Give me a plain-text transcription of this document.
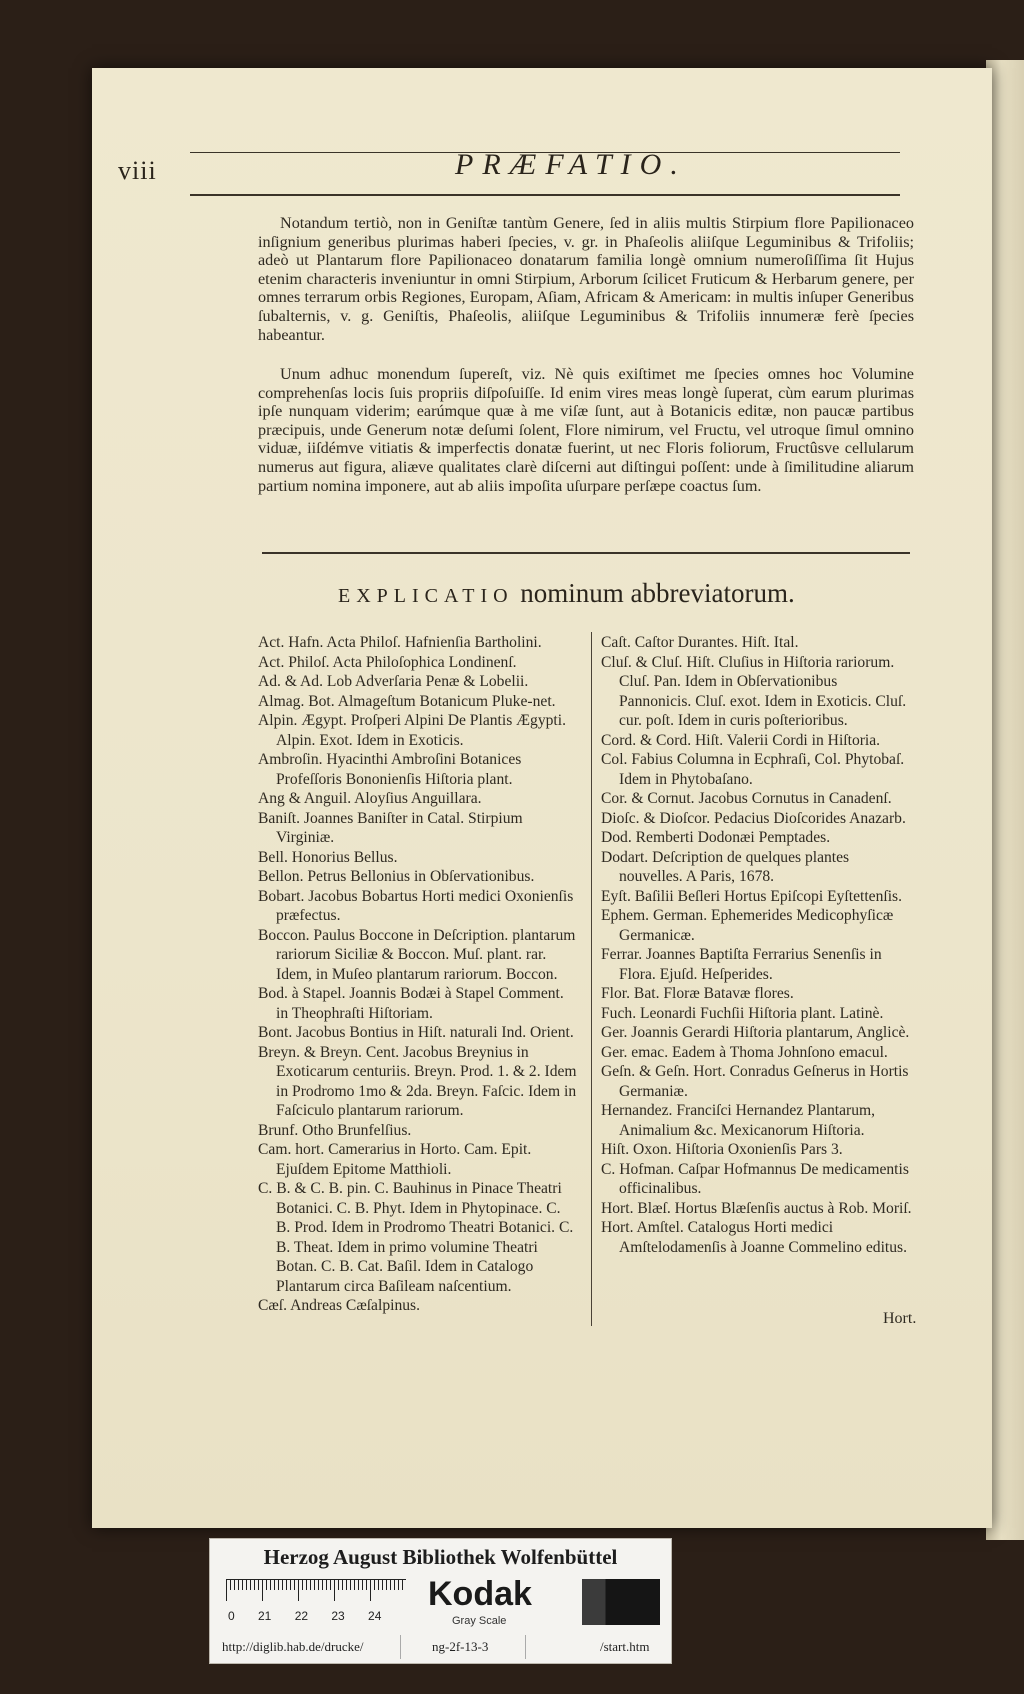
viii	PRÆFATIO.
Notandum tertiò, non in Geniſtæ tantùm Genere, ſed in aliis multis Stirpium flore Papilionaceo inſignium generibus plurimas haberi ſpecies, v. gr. in Phaſeolis aliiſque Leguminibus & Trifoliis; adeò ut Plantarum flore Papilionaceo donatarum familia longè omnium numeroſiſſima ſit Hujus etenim characteris inveniuntur in omni Stirpium, Arborum ſcilicet Fruticum & Herbarum genere, per omnes terrarum orbis Regiones, Europam, Aſiam, Africam & Americam: in multis inſuper Generibus ſubalternis, v. g. Geniſtis, Phaſeolis, aliiſque Leguminibus & Trifoliis innumeræ ferè ſpecies habeantur.
Unum adhuc monendum ſupereſt, viz. Nè quis exiſtimet me ſpecies omnes hoc Volumine comprehenſas locis ſuis propriis diſpoſuiſſe. Id enim vires meas longè ſuperat, cùm earum plurimas ipſe nunquam viderim; earúmque quæ à me viſæ ſunt, aut à Botanicis editæ, non paucæ partibus præcipuis, unde Generum notæ deſumi ſolent, Flore nimirum, vel Fructu, vel utroque ſimul omnino viduæ, iiſdémve vitiatis & imperfectis donatæ fuerint, ut nec Floris foliorum, Fructûsve cellularum numerus aut figura, aliæve qualitates clarè diſcerni aut diſtingui poſſent: unde à ſimilitudine aliarum partium nomina imponere, aut ab aliis impoſita uſurpare perſæpe coactus ſum.
EXPLICATIO nominum abbreviatorum.
Act. Hafn. Acta Philoſ. Hafnienſia Bartholini.
Act. Philoſ. Acta Philoſophica Londinenſ.
Ad. & Ad. Lob Adverſaria Penæ & Lobelii.
Almag. Bot. Almageſtum Botanicum Pluke-net.
Alpin. Ægypt. Proſperi Alpini De Plantis Ægypti. Alpin. Exot. Idem in Exoticis.
Ambroſin. Hyacinthi Ambroſini Botanices Profeſſoris Bononienſis Hiſtoria plant.
Ang & Anguil. Aloyſius Anguillara.
Baniſt. Joannes Baniſter in Catal. Stirpium Virginiæ.
Bell. Honorius Bellus.
Bellon. Petrus Bellonius in Obſervationibus.
Bobart. Jacobus Bobartus Horti medici Oxonienſis præfectus.
Boccon. Paulus Boccone in Deſcription. plantarum rariorum Siciliæ & Boccon. Muſ. plant. rar. Idem, in Muſeo plantarum rariorum. Boccon.
Bod. à Stapel. Joannis Bodæi à Stapel Comment. in Theophraſti Hiſtoriam.
Bont. Jacobus Bontius in Hiſt. naturali Ind. Orient.
Breyn. & Breyn. Cent. Jacobus Breynius in Exoticarum centuriis. Breyn. Prod. 1. & 2. Idem in Prodromo 1mo & 2da. Breyn. Faſcic. Idem in Faſciculo plantarum rariorum.
Brunf. Otho Brunfelſius.
Cam. hort. Camerarius in Horto. Cam. Epit. Ejuſdem Epitome Matthioli.
C. B. & C. B. pin. C. Bauhinus in Pinace Theatri Botanici. C. B. Phyt. Idem in Phytopinace. C. B. Prod. Idem in Prodromo Theatri Botanici. C. B. Theat. Idem in primo volumine Theatri Botan. C. B. Cat. Baſil. Idem in Catalogo Plantarum circa Baſileam naſcentium.
Cæſ. Andreas Cæſalpinus.
Caſt. Caſtor Durantes. Hiſt. Ital.
Cluſ. & Cluſ. Hiſt. Cluſius in Hiſtoria rariorum. Cluſ. Pan. Idem in Obſervationibus Pannonicis. Cluſ. exot. Idem in Exoticis. Cluſ. cur. poſt. Idem in curis poſterioribus.
Cord. & Cord. Hiſt. Valerii Cordi in Hiſtoria.
Col. Fabius Columna in Ecphraſi, Col. Phytobaſ. Idem in Phytobaſano.
Cor. & Cornut. Jacobus Cornutus in Canadenſ.
Dioſc. & Dioſcor. Pedacius Dioſcorides Anazarb.
Dod. Remberti Dodonæi Pemptades.
Dodart. Deſcription de quelques plantes nouvelles. A Paris, 1678.
Eyſt. Baſilii Beſleri Hortus Epiſcopi Eyſtettenſis.
Ephem. German. Ephemerides Medicophyſicæ Germanicæ.
Ferrar. Joannes Baptiſta Ferrarius Senenſis in Flora. Ejuſd. Heſperides.
Flor. Bat. Floræ Batavæ flores.
Fuch. Leonardi Fuchſii Hiſtoria plant. Latinè.
Ger. Joannis Gerardi Hiſtoria plantarum, Anglicè.
Ger. emac. Eadem à Thoma Johnſono emacul.
Geſn. & Geſn. Hort. Conradus Geſnerus in Hortis Germaniæ.
Hernandez. Franciſci Hernandez Plantarum, Animalium &c. Mexicanorum Hiſtoria.
Hiſt. Oxon. Hiſtoria Oxonienſis Pars 3.
C. Hofman. Caſpar Hofmannus De medicamentis officinalibus.
Hort. Blæſ. Hortus Blæſenſis auctus à Rob. Moriſ.
Hort. Amſtel. Catalogus Horti medici Amſtelodamenſis à Joanne Commelino editus.
Hort.
Herzog August Bibliothek Wolfenbüttel
0 21 22 23 24
Kodak
Gray Scale
http://diglib.hab.de/drucke/	ng-2f-13-3	/start.htm
